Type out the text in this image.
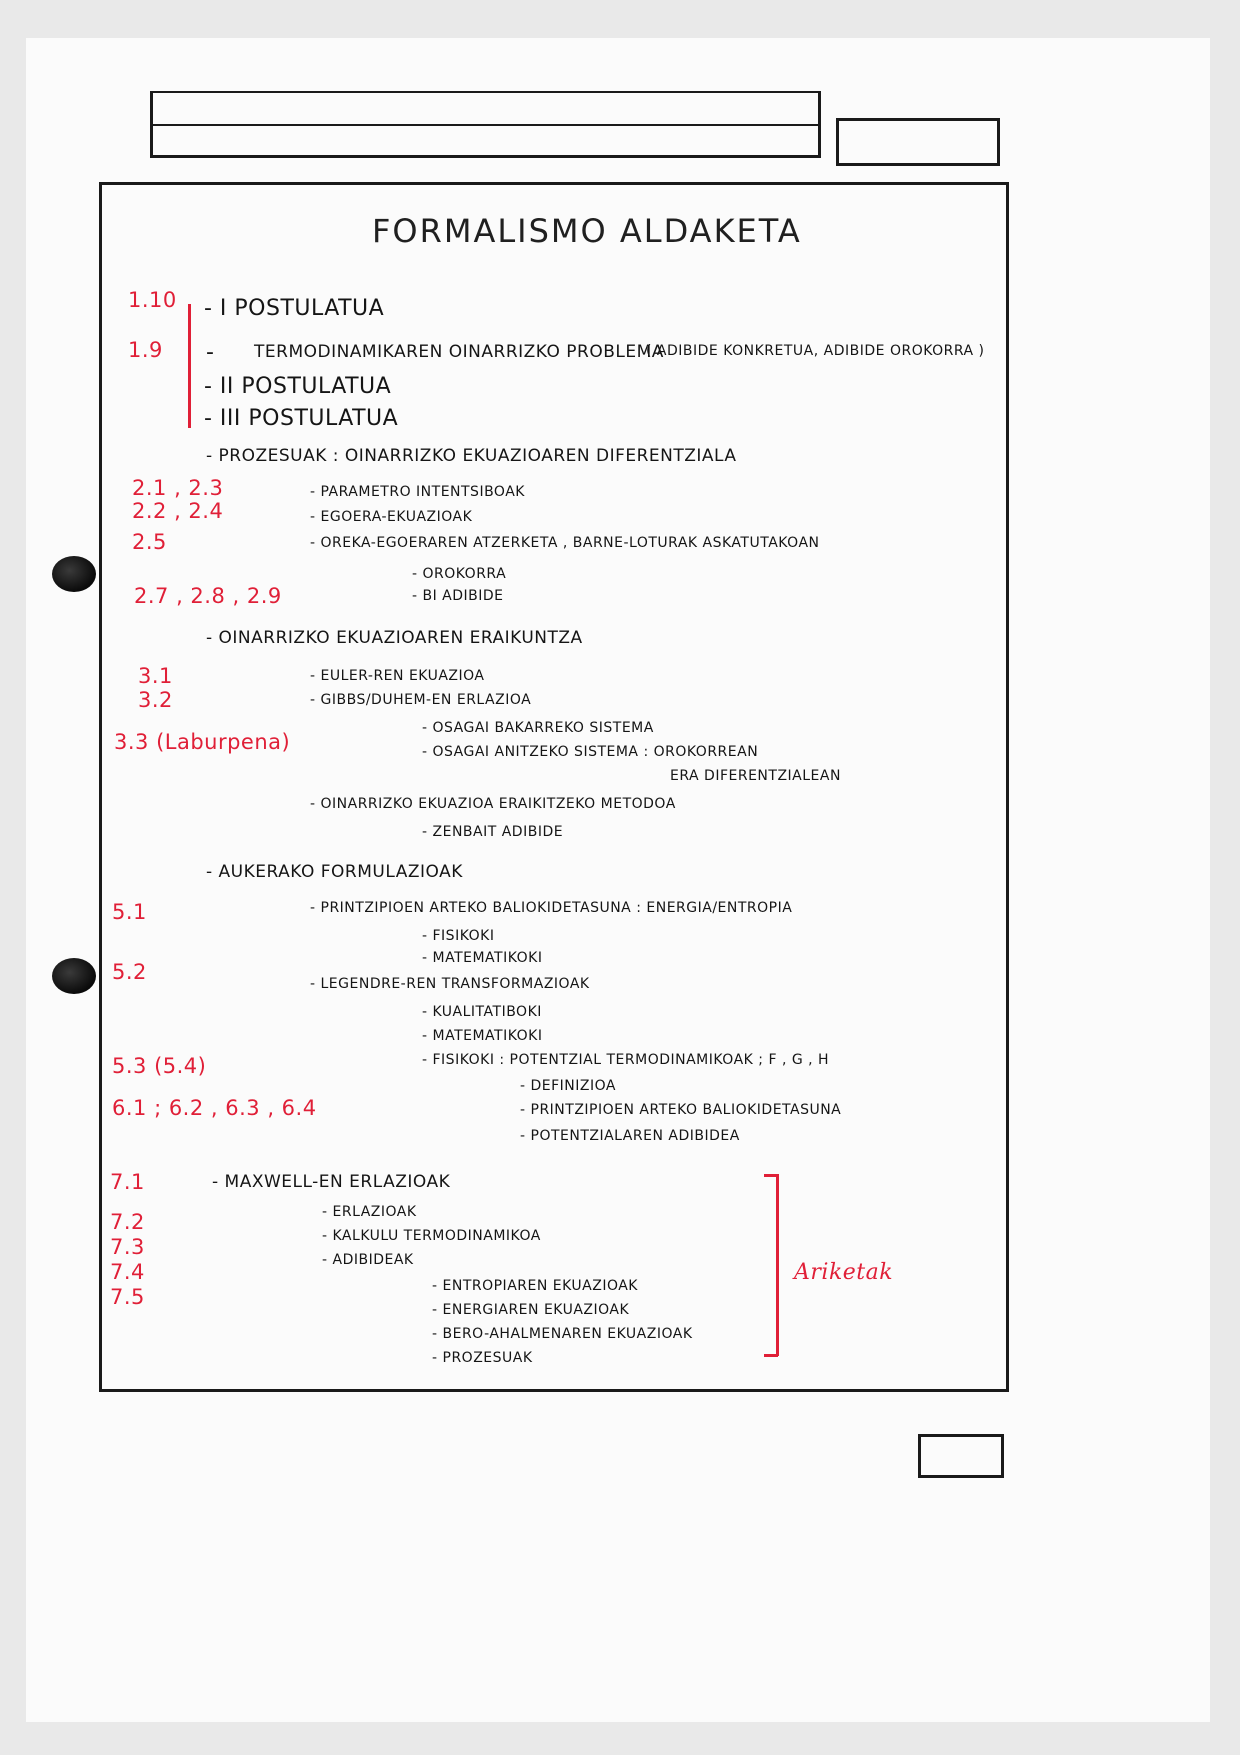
FORMALISMO ALDAKETA
1.10
1.9
2.1 , 2.3
2.2 , 2.4
2.5
2.7 , 2.8 , 2.9
3.1
3.2
3.3 (Laburpena)
5.1
5.2
5.3 (5.4)
6.1 ; 6.2 , 6.3 , 6.4
7.1
7.2
7.3
7.4
7.5
Ariketak
- I POSTULATUA
- TERMODINAMIKAREN OINARRIZKO PROBLEMA
( ADIBIDE KONKRETUA, ADIBIDE OROKORRA )
- II POSTULATUA
- III POSTULATUA
- PROZESUAK : OINARRIZKO EKUAZIOAREN DIFERENTZIALA
- PARAMETRO INTENTSIBOAK
- EGOERA-EKUAZIOAK
- OREKA-EGOERAREN ATZERKETA , BARNE-LOTURAK ASKATUTAKOAN
- OROKORRA
- BI ADIBIDE
- OINARRIZKO EKUAZIOAREN ERAIKUNTZA
- EULER-REN EKUAZIOA
- GIBBS/DUHEM-EN ERLAZIOA
- OSAGAI BAKARREKO SISTEMA
- OSAGAI ANITZEKO SISTEMA : OROKORREAN
ERA DIFERENTZIALEAN
- OINARRIZKO EKUAZIOA ERAIKITZEKO METODOA
- ZENBAIT ADIBIDE
- AUKERAKO FORMULAZIOAK
- PRINTZIPIOEN ARTEKO BALIOKIDETASUNA : ENERGIA/ENTROPIA
- FISIKOKI
- MATEMATIKOKI
- LEGENDRE-REN TRANSFORMAZIOAK
- KUALITATIBOKI
- MATEMATIKOKI
- FISIKOKI : POTENTZIAL TERMODINAMIKOAK ; F , G , H
- DEFINIZIOA
- PRINTZIPIOEN ARTEKO BALIOKIDETASUNA
- POTENTZIALAREN ADIBIDEA
- MAXWELL-EN ERLAZIOAK
- ERLAZIOAK
- KALKULU TERMODINAMIKOA
- ADIBIDEAK
- ENTROPIAREN EKUAZIOAK
- ENERGIAREN EKUAZIOAK
- BERO-AHALMENAREN EKUAZIOAK
- PROZESUAK
